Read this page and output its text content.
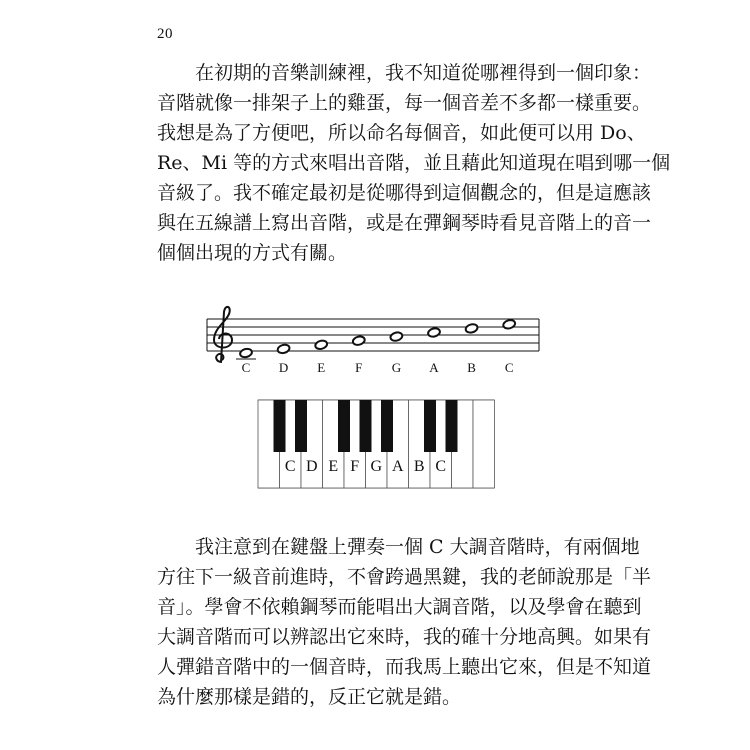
20
在初期的音樂訓練裡，我不知道從哪裡得到一個印象：
音階就像一排架子上的雞蛋，每一個音差不多都一樣重要。
我想是為了方便吧，所以命名每個音，如此便可以用 Do、
Re、Mi 等的方式來唱出音階，並且藉此知道現在唱到哪一個
音級了。我不確定最初是從哪得到這個觀念的，但是這應該
與在五線譜上寫出音階，或是在彈鋼琴時看見音階上的音一
個個出現的方式有關。
C D E F G A B C
C D E F G A B C
我注意到在鍵盤上彈奏一個 C 大調音階時，有兩個地
方往下一級音前進時，不會跨過黑鍵，我的老師說那是「半
音」。學會不依賴鋼琴而能唱出大調音階，以及學會在聽到
大調音階而可以辨認出它來時，我的確十分地高興。如果有
人彈錯音階中的一個音時，而我馬上聽出它來，但是不知道
為什麼那樣是錯的，反正它就是錯。
